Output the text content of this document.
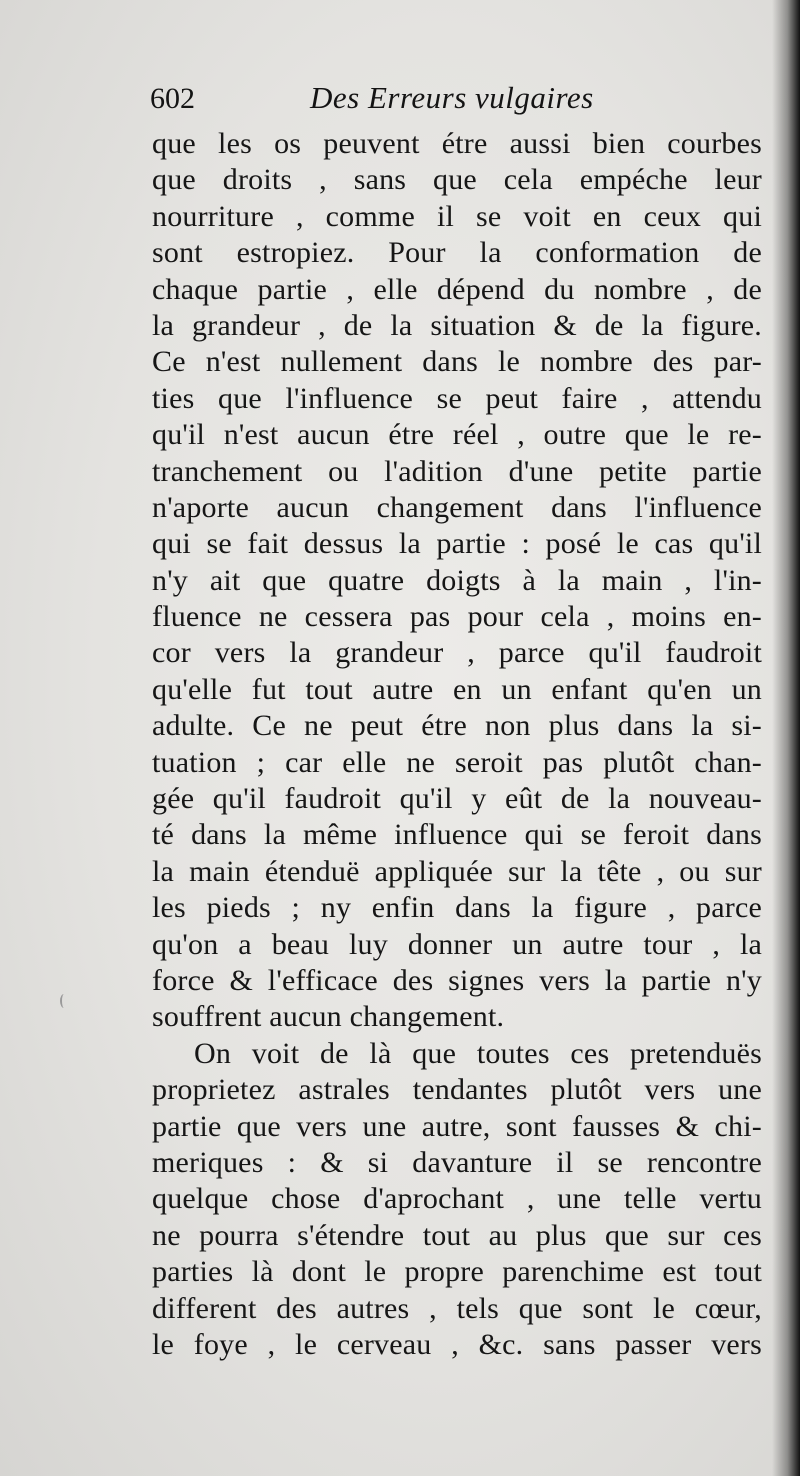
602	Des Erreurs vulgaires
que les os peuvent étre aussi bien courbes
que droits , sans que cela empéche leur
nourriture , comme il se voit en ceux qui
sont estropiez. Pour la conformation de
chaque partie , elle dépend du nombre , de
la grandeur , de la situation & de la figure.
Ce n'est nullement dans le nombre des par-
ties que l'influence se peut faire , attendu
qu'il n'est aucun étre réel , outre que le re-
tranchement ou l'adition d'une petite partie
n'aporte aucun changement dans l'influence
qui se fait dessus la partie : posé le cas qu'il
n'y ait que quatre doigts à la main , l'in-
fluence ne cessera pas pour cela , moins en-
cor vers la grandeur , parce qu'il faudroit
qu'elle fut tout autre en un enfant qu'en un
adulte. Ce ne peut étre non plus dans la si-
tuation ; car elle ne seroit pas plutôt chan-
gée qu'il faudroit qu'il y eût de la nouveau-
té dans la même influence qui se feroit dans
la main étenduë appliquée sur la tête , ou sur
les pieds ; ny enfin dans la figure , parce
qu'on a beau luy donner un autre tour , la
force & l'efficace des signes vers la partie n'y
souffrent aucun changement.
On voit de là que toutes ces pretenduës
proprietez astrales tendantes plutôt vers une
partie que vers une autre, sont fausses & chi-
meriques : & si davanture il se rencontre
quelque chose d'aprochant , une telle vertu
ne pourra s'étendre tout au plus que sur ces
parties là dont le propre parenchime est tout
different des autres , tels que sont le cœur,
le foye , le cerveau , &c. sans passer vers
